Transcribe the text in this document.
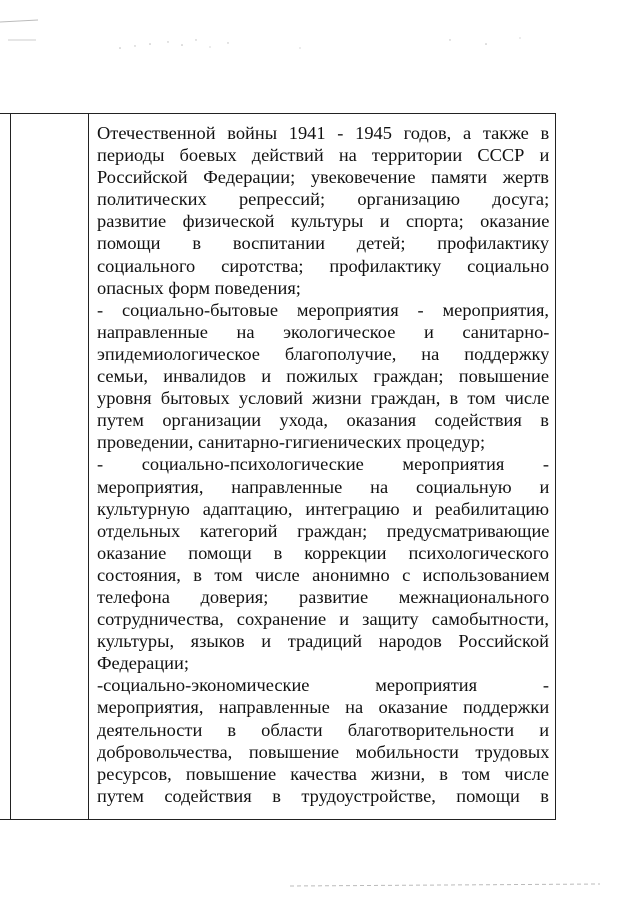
Отечественной войны 1941 - 1945 годов, а также в
периоды боевых действий на территории СССР и
Российской Федерации; увековечение памяти жертв
политических репрессий; организацию досуга;
развитие физической культуры и спорта; оказание
помощи в воспитании детей; профилактику
социального сиротства; профилактику социально
опасных форм поведения;
- социально-бытовые мероприятия - мероприятия,
направленные на экологическое и санитарно-
эпидемиологическое благополучие, на поддержку
семьи, инвалидов и пожилых граждан; повышение
уровня бытовых условий жизни граждан, в том числе
путем организации ухода, оказания содействия в
проведении, санитарно-гигиенических процедур;
- социально-психологические мероприятия -
мероприятия, направленные на социальную и
культурную адаптацию, интеграцию и реабилитацию
отдельных категорий граждан; предусматривающие
оказание помощи в коррекции психологического
состояния, в том числе анонимно с использованием
телефона доверия; развитие межнационального
сотрудничества, сохранение и защиту самобытности,
культуры, языков и традиций народов Российской
Федерации;
-социально-экономические мероприятия -
мероприятия, направленные на оказание поддержки
деятельности в области благотворительности и
добровольчества, повышение мобильности трудовых
ресурсов, повышение качества жизни, в том числе
путем содействия в трудоустройстве, помощи в
